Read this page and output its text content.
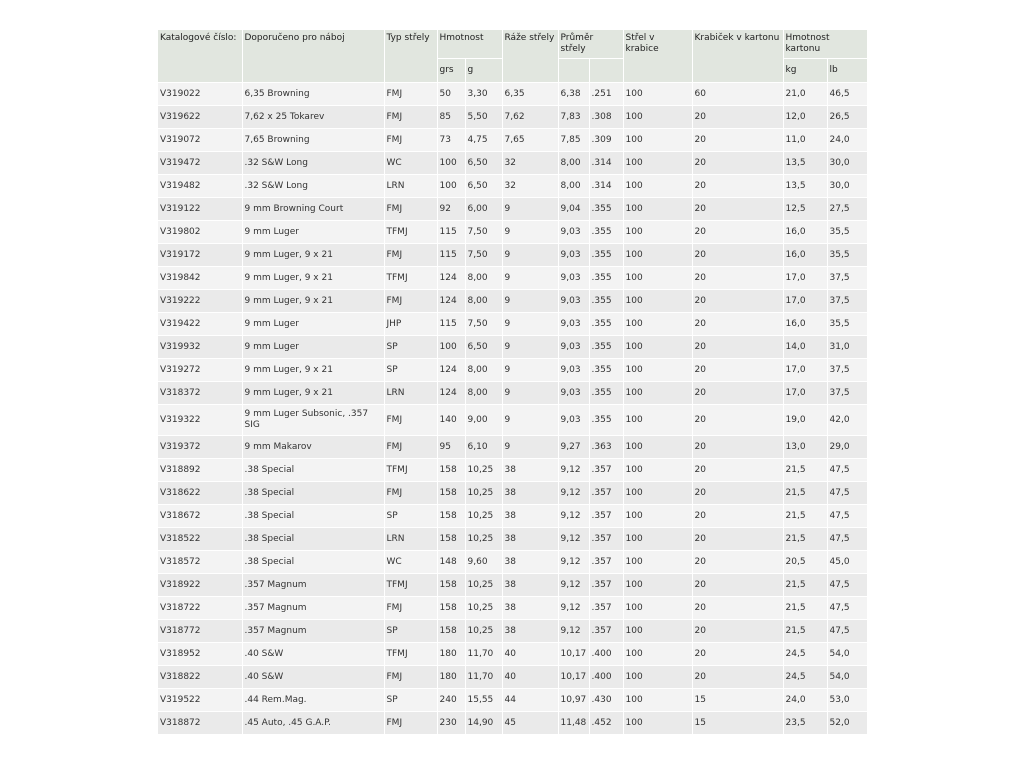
Katalogové číslo:	Doporučeno pro náboj	Typ střely	Hmotnost		Ráže střely	Průměr střely		Střel v krabice	Krabiček v kartonu	Hmotnost kartonu	
			grs	g						kg	lb
V319022	6,35 Browning	FMJ	50	3,30	6,35	6,38	.251	100	60	21,0	46,5
V319622	7,62 x 25 Tokarev	FMJ	85	5,50	7,62	7,83	.308	100	20	12,0	26,5
V319072	7,65 Browning	FMJ	73	4,75	7,65	7,85	.309	100	20	11,0	24,0
V319472	.32 S&W Long	WC	100	6,50	32	8,00	.314	100	20	13,5	30,0
V319482	.32 S&W Long	LRN	100	6,50	32	8,00	.314	100	20	13,5	30,0
V319122	9 mm Browning Court	FMJ	92	6,00	9	9,04	.355	100	20	12,5	27,5
V319802	9 mm Luger	TFMJ	115	7,50	9	9,03	.355	100	20	16,0	35,5
V319172	9 mm Luger, 9 x 21	FMJ	115	7,50	9	9,03	.355	100	20	16,0	35,5
V319842	9 mm Luger, 9 x 21	TFMJ	124	8,00	9	9,03	.355	100	20	17,0	37,5
V319222	9 mm Luger, 9 x 21	FMJ	124	8,00	9	9,03	.355	100	20	17,0	37,5
V319422	9 mm Luger	JHP	115	7,50	9	9,03	.355	100	20	16,0	35,5
V319932	9 mm Luger	SP	100	6,50	9	9,03	.355	100	20	14,0	31,0
V319272	9 mm Luger, 9 x 21	SP	124	8,00	9	9,03	.355	100	20	17,0	37,5
V318372	9 mm Luger, 9 x 21	LRN	124	8,00	9	9,03	.355	100	20	17,0	37,5
V319322	9 mm Luger Subsonic, .357 SIG	FMJ	140	9,00	9	9,03	.355	100	20	19,0	42,0
V319372	9 mm Makarov	FMJ	95	6,10	9	9,27	.363	100	20	13,0	29,0
V318892	.38 Special	TFMJ	158	10,25	38	9,12	.357	100	20	21,5	47,5
V318622	.38 Special	FMJ	158	10,25	38	9,12	.357	100	20	21,5	47,5
V318672	.38 Special	SP	158	10,25	38	9,12	.357	100	20	21,5	47,5
V318522	.38 Special	LRN	158	10,25	38	9,12	.357	100	20	21,5	47,5
V318572	.38 Special	WC	148	9,60	38	9,12	.357	100	20	20,5	45,0
V318922	.357 Magnum	TFMJ	158	10,25	38	9,12	.357	100	20	21,5	47,5
V318722	.357 Magnum	FMJ	158	10,25	38	9,12	.357	100	20	21,5	47,5
V318772	.357 Magnum	SP	158	10,25	38	9,12	.357	100	20	21,5	47,5
V318952	.40 S&W	TFMJ	180	11,70	40	10,17	.400	100	20	24,5	54,0
V318822	.40 S&W	FMJ	180	11,70	40	10,17	.400	100	20	24,5	54,0
V319522	.44 Rem.Mag.	SP	240	15,55	44	10,97	.430	100	15	24,0	53,0
V318872	.45 Auto, .45 G.A.P.	FMJ	230	14,90	45	11,48	.452	100	15	23,5	52,0
